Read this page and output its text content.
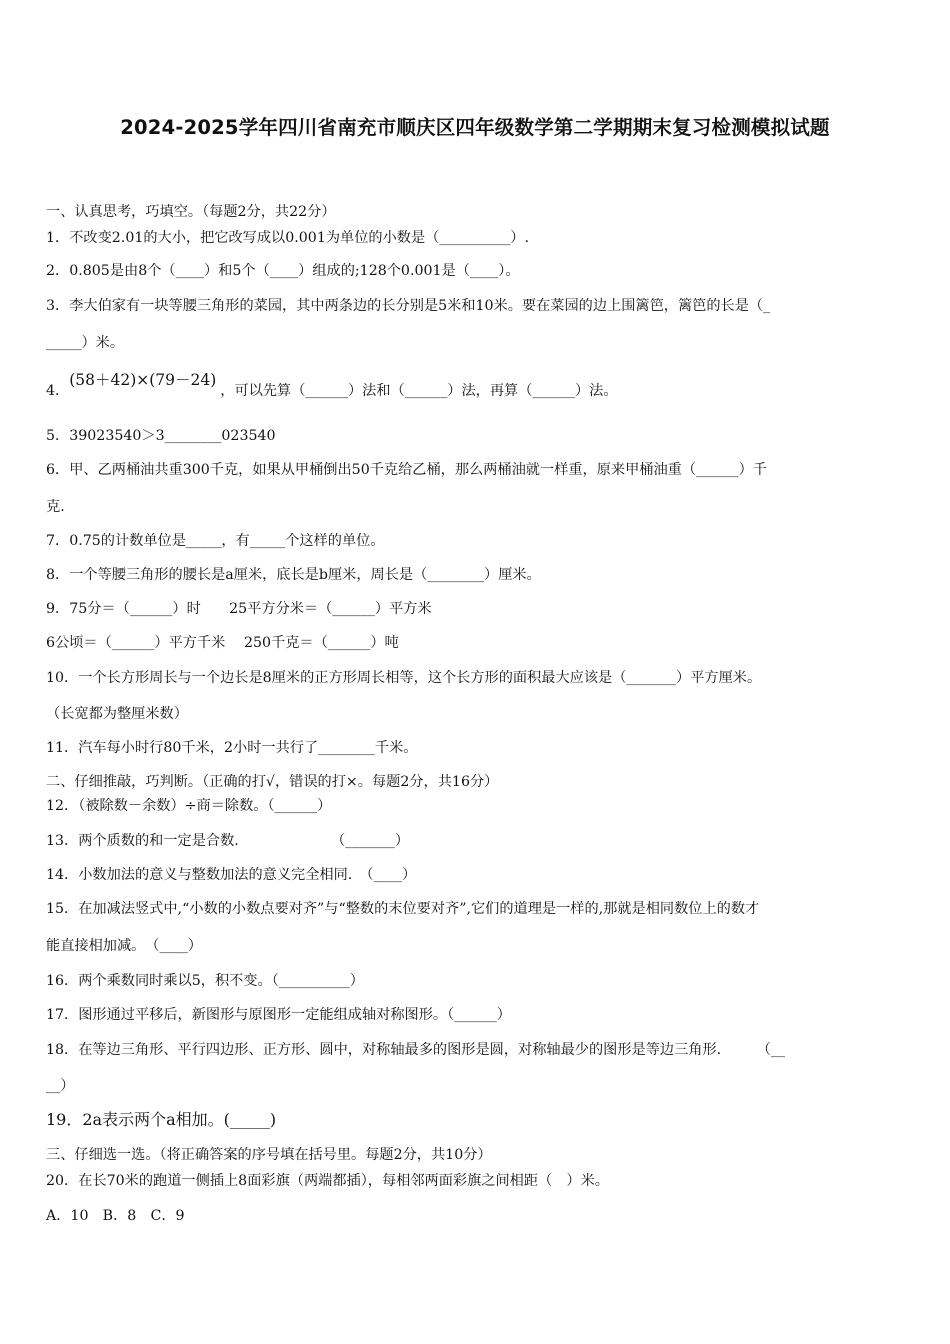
2024-2025学年四川省南充市顺庆区四年级数学第二学期期末复习检测模拟试题
一、认真思考，巧填空。（每题2分，共22分）
1．不改变2.01的大小，把它改写成以0.001为单位的小数是（__________）.
2．0.805是由8个（____）和5个（____）组成的;128个0.001是（____）。
3．李大伯家有一块等腰三角形的菜园，其中两条边的长分别是5米和10米。要在菜园的边上围篱笆，篱笆的长是（_
_____）米。
4．(58＋42)×(79－24)，可以先算（______）法和（______）法，再算（______）法。
5．39023540＞3________023540
6．甲、乙两桶油共重300千克，如果从甲桶倒出50千克给乙桶，那么两桶油就一样重，原来甲桶油重（______）千
克.
7．0.75的计数单位是_____，有_____个这样的单位。
8．一个等腰三角形的腰长是a厘米，底长是b厘米，周长是（________）厘米。
9．75分＝（______）时　　25平方分米＝（______）平方米
6公顷＝（______）平方千米　 250千克＝（______）吨
10．一个长方形周长与一个边长是8厘米的正方形周长相等，这个长方形的面积最大应该是（_______）平方厘米。
（长宽都为整厘米数）
11．汽车每小时行80千米，2小时一共行了________千米。
二、仔细推敲，巧判断。（正确的打√，错误的打×。每题2分，共16分）
12．（被除数－余数）÷商＝除数。（______）
13．两个质数的和一定是合数.　　　　　　　（_______）
14．小数加法的意义与整数加法的意义完全相同.　（____）
15．在加减法竖式中,“小数的小数点要对齐”与“整数的末位要对齐”,它们的道理是一样的,那就是相同数位上的数才
能直接相加减。　（____）
16．两个乘数同时乘以5，积不变。（__________）
17．图形通过平移后，新图形与原图形一定能组成轴对称图形。（______）
18．在等边三角形、平行四边形、正方形、圆中，对称轴最多的图形是圆，对称轴最少的图形是等边三角形.　　　（__
__）
19．2a表示两个a相加。(_____)
三、仔细选一选。（将正确答案的序号填在括号里。每题2分，共10分）
20．在长70米的跑道一侧插上8面彩旗（两端都插），每相邻两面彩旗之间相距（　）米。
A．10　B．8　C．9
